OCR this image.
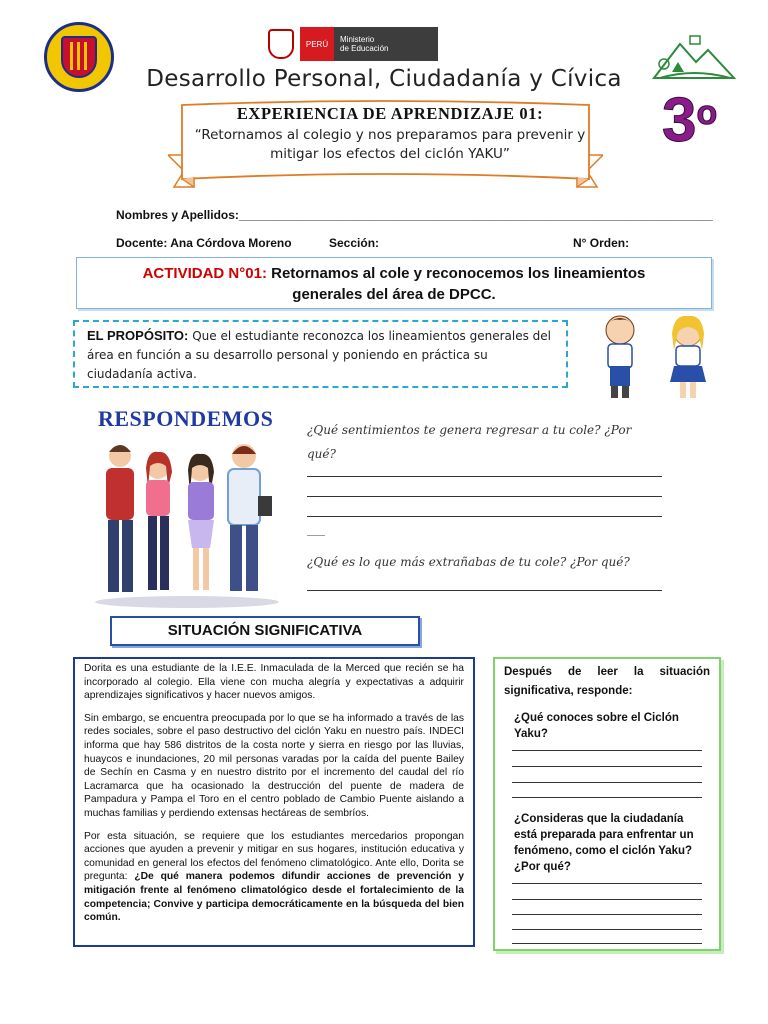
PERÚ	Ministerio
de Educación
Desarrollo Personal, Ciudadanía y Cívica
EXPERIENCIA DE APRENDIZAJE 01:
“Retornamos al colegio y nos preparamos para prevenir y
mitigar los efectos del ciclón YAKU”	3$^o$
Nombres y Apellidos:_______________________________________________________________________
Docente: Ana Córdova Moreno	Sección:	N° Orden:
ACTIVIDAD N°01: Retornamos al cole y reconocemos los lineamientos
generales del área de DPCC.
EL PROPÓSITO: Que el estudiante reconozca los lineamientos generales del área en función a su desarrollo personal y poniendo en práctica su ciudadanía activa.
RESPONDEMOS	¿Qué sentimientos te genera regresar a tu cole? ¿Por
qué?
___
¿Qué es lo que más extrañabas de tu cole? ¿Por qué?
SITUACIÓN SIGNIFICATIVA

Dorita es una estudiante de la I.E.E. Inmaculada de la Merced que recién se ha incorporado al colegio. Ella viene con mucha alegría y expectativas a adquirir aprendizajes significativos y hacer nuevos amigos.

Sin embargo, se encuentra preocupada por lo que se ha informado a través de las redes sociales, sobre el paso destructivo del ciclón Yaku en nuestro país. INDECI informa que hay 586 distritos de la costa norte y sierra en riesgo por las lluvias, huaycos e inundaciones, 20 mil personas varadas por la caída del puente Bailey de Sechín en Casma y en nuestro distrito por el incremento del caudal del río Lacramarca que ha ocasionado la destrucción del puente de madera de Pampadura y Pampa el Toro en el centro poblado de Cambio Puente aislando a muchas familias y perdiendo extensas hectáreas de sembríos.

Por esta situación, se requiere que los estudiantes mercedarios propongan acciones que ayuden a prevenir y mitigar en sus hogares, institución educativa y comunidad en general los efectos del fenómeno climatológico. Ante ello, Dorita se pregunta: ¿De qué manera podemos difundir acciones de prevención y mitigación frente al fenómeno climatológico desde el fortalecimiento de la competencia; Convive y participa democráticamente en la búsqueda del bien común.

Después de leer la situación significativa, responde:
¿Qué conoces sobre el Ciclón Yaku?
¿Consideras que la ciudadanía está preparada para enfrentar un fenómeno, como el ciclón Yaku? ¿Por qué?
